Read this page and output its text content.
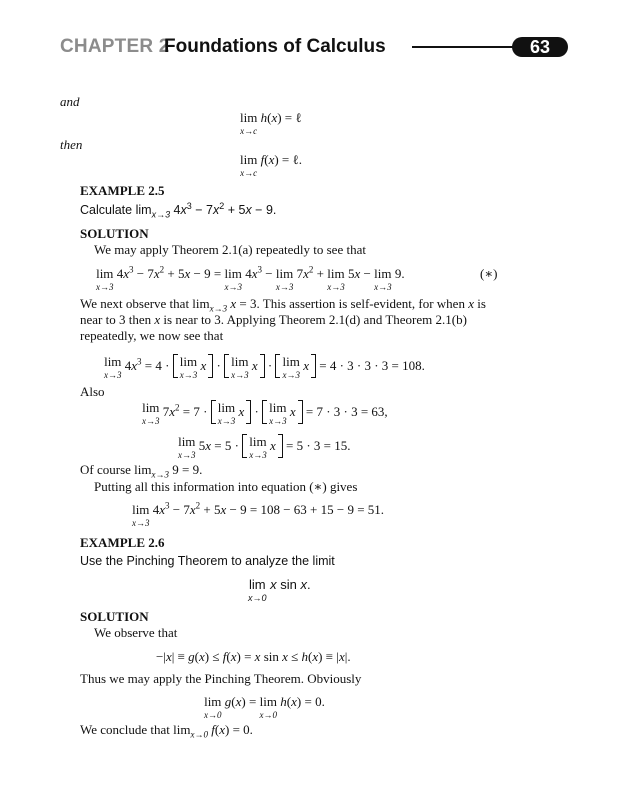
CHAPTER 2
Foundations of Calculus	63
and
lim
x→c
h(x) = ℓ
then
lim
x→c
f(x) = ℓ.
EXAMPLE 2.5
Calculate $\lim_{x\to 3} 4x^3 - 7x^2 + 5x - 9$.
SOLUTION
We may apply Theorem 2.1(a) repeatedly to see that
lim
x→3
$4x^3 - 7x^2 + 5x - 9 = \lim$
x→3
$4x^3 - \lim$
x→3
$7x^2 + \lim$
x→3
5x − lim
x→3
9.	(∗)
We next observe that $\lim_{x\to 3} x = 3$. This assertion is self-evident, for when x is near to 3 then x is near to 3. Applying Theorem 2.1(d) and Theorem 2.1(b) repeatedly, we now see that
lim
x→3
$4x^3 = 4 \cdot \lim$
x→3
x · lim
x→3
x · lim
x→3
x = 4 · 3 · 3 · 3 = 108.
Also
lim
x→3
$7x^2 = 7 \cdot \lim$
x→3
x · lim
x→3
x = 7 · 3 · 3 = 63,
lim
x→3
5x = 5 · lim
x→3
x = 5 · 3 = 15.
Of course $\lim_{x\to 3} 9 = 9$.
Putting all this information into equation (∗) gives
lim
x→3
$4x^3 - 7x^2 + 5x - 9 = 108 - 63 + 15 - 9 = 51$.
EXAMPLE 2.6
Use the Pinching Theorem to analyze the limit
lim
x→0
x sin x.
SOLUTION
We observe that
−|x| ≡ g(x) ≤ f(x) = x sin x ≤ h(x) ≡ |x|.
Thus we may apply the Pinching Theorem. Obviously
lim
x→0
g(x) = lim
x→0
h(x) = 0.
We conclude that $\lim_{x\to 0} f(x) = 0$.
